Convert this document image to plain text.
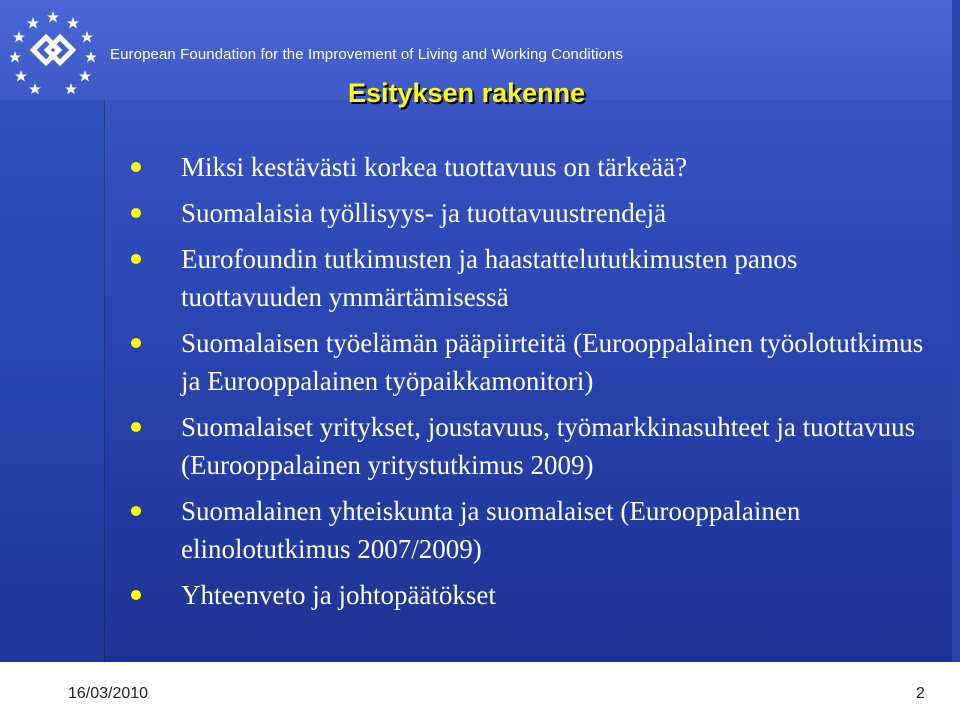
European Foundation for the Improvement of Living and Working Conditions
Esityksen rakenne
Miksi kestävästi korkea tuottavuus on tärkeää?
Suomalaisia työllisyys- ja tuottavuustrendejä
Eurofoundin tutkimusten ja haastattelututkimusten panos tuottavuuden ymmärtämisessä
Suomalaisen työelämän pääpiirteitä (Eurooppalainen työolotutkimus ja Eurooppalainen työpaikkamonitori)
Suomalaiset yritykset, joustavuus, työmarkkinasuhteet ja tuottavuus (Eurooppalainen yritystutkimus 2009)
Suomalainen yhteiskunta ja suomalaiset (Eurooppalainen elinolotutkimus 2007/2009)
Yhteenveto ja johtopäätökset
16/03/2010	2
